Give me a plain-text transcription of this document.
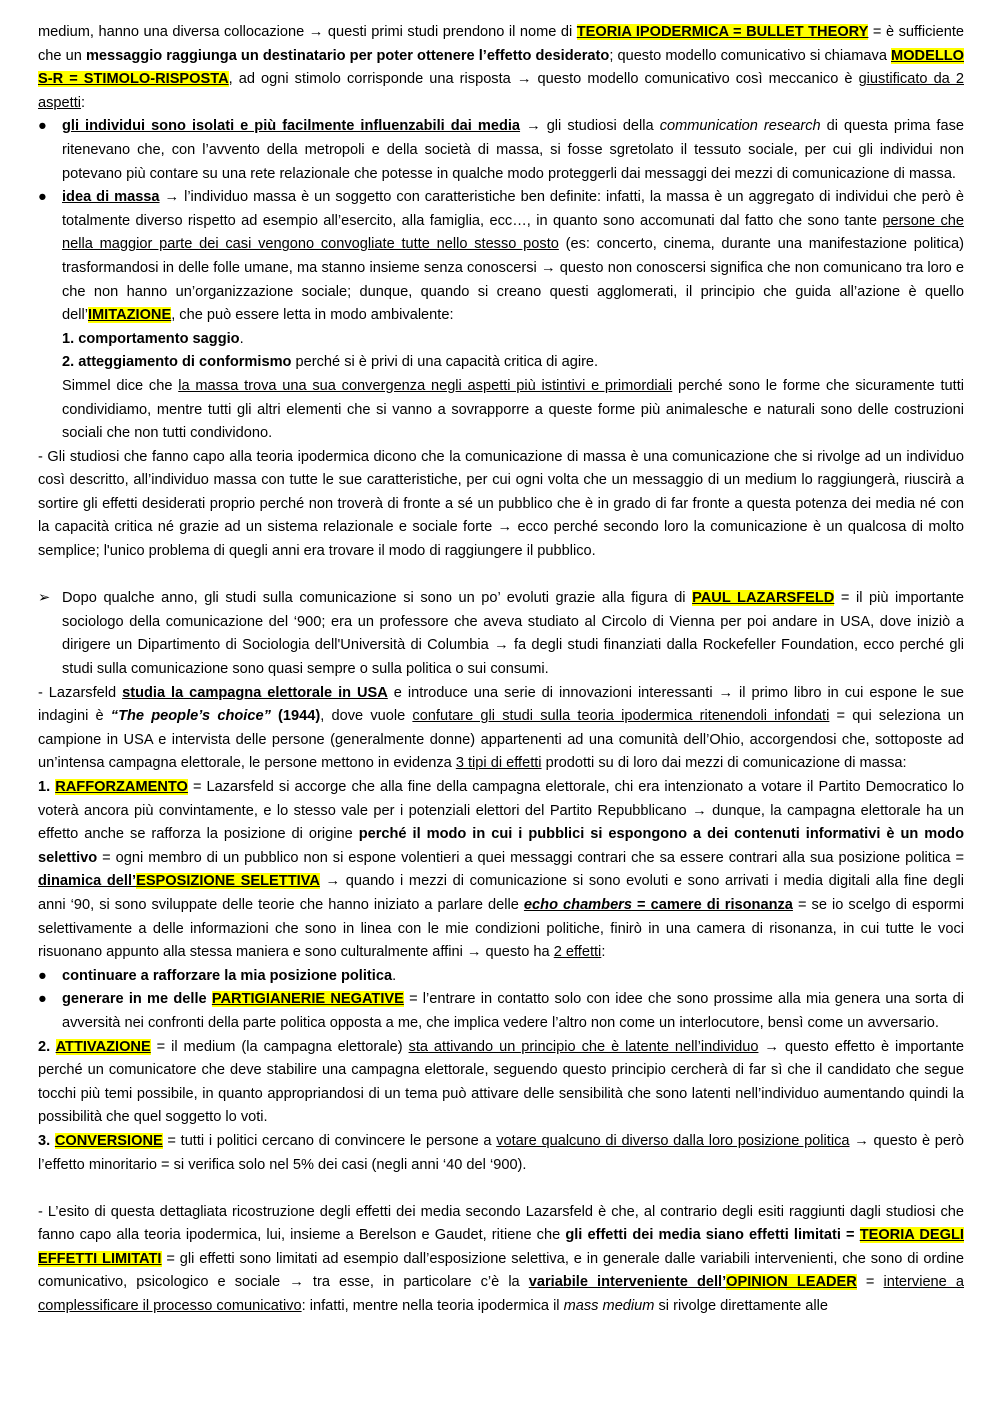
medium, hanno una diversa collocazione → questi primi studi prendono il nome di TEORIA IPODERMICA = BULLET THEORY = è sufficiente che un messaggio raggiunga un destinatario per poter ottenere l’effetto desiderato; questo modello comunicativo si chiamava MODELLO S-R = STIMOLO-RISPOSTA, ad ogni stimolo corrisponde una risposta → questo modello comunicativo così meccanico è giustificato da 2 aspetti:

● gli individui sono isolati e più facilmente influenzabili dai media → gli studiosi della communication research di questa prima fase ritenevano che, con l’avvento della metropoli e della società di massa, si fosse sgretolato il tessuto sociale, per cui gli individui non potevano più contare su una rete relazionale che potesse in qualche modo proteggerli dai messaggi dei mezzi di comunicazione di massa.
● idea di massa → l’individuo massa è un soggetto con caratteristiche ben definite: infatti, la massa è un aggregato di individui che però è totalmente diverso rispetto ad esempio all’esercito, alla famiglia, ecc…, in quanto sono accomunati dal fatto che sono tante persone che nella maggior parte dei casi vengono convogliate tutte nello stesso posto (es: concerto, cinema, durante una manifestazione politica) trasformandosi in delle folle umane, ma stanno insieme senza conoscersi → questo non conoscersi significa che non comunicano tra loro e che non hanno un’organizzazione sociale; dunque, quando si creano questi agglomerati, il principio che guida all’azione è quello dell’IMITAZIONE, che può essere letta in modo ambivalente:
1. comportamento saggio.
2. atteggiamento di conformismo perché si è privi di una capacità critica di agire.
Simmel dice che la massa trova una sua convergenza negli aspetti più istintivi e primordiali perché sono le forme che sicuramente tutti condividiamo, mentre tutti gli altri elementi che si vanno a sovrapporre a queste forme più animalesche e naturali sono delle costruzioni sociali che non tutti condividono.

- Gli studiosi che fanno capo alla teoria ipodermica dicono che la comunicazione di massa è una comunicazione che si rivolge ad un individuo così descritto, all’individuo massa con tutte le sue caratteristiche, per cui ogni volta che un messaggio di un medium lo raggiungerà, riuscirà a sortire gli effetti desiderati proprio perché non troverà di fronte a sé un pubblico che è in grado di far fronte a questa potenza dei media né con la capacità critica né grazie ad un sistema relazionale e sociale forte → ecco perché secondo loro la comunicazione è un qualcosa di molto semplice; l'unico problema di quegli anni era trovare il modo di raggiungere il pubblico.

➢ Dopo qualche anno, gli studi sulla comunicazione si sono un po’ evoluti grazie alla figura di PAUL LAZARSFELD = il più importante sociologo della comunicazione del ‘900; era un professore che aveva studiato al Circolo di Vienna per poi andare in USA, dove iniziò a dirigere un Dipartimento di Sociologia dell'Università di Columbia → fa degli studi finanziati dalla Rockefeller Foundation, ecco perché gli studi sulla comunicazione sono quasi sempre o sulla politica o sui consumi.

- Lazarsfeld studia la campagna elettorale in USA e introduce una serie di innovazioni interessanti → il primo libro in cui espone le sue indagini è “The people’s choice” (1944), dove vuole confutare gli studi sulla teoria ipodermica ritenendoli infondati = qui seleziona un campione in USA e intervista delle persone (generalmente donne) appartenenti ad una comunità dell’Ohio, accorgendosi che, sottoposte ad un’intensa campagna elettorale, le persone mettono in evidenza 3 tipi di effetti prodotti su di loro dai mezzi di comunicazione di massa:

1. RAFFORZAMENTO = Lazarsfeld si accorge che alla fine della campagna elettorale, chi era intenzionato a votare il Partito Democratico lo voterà ancora più convintamente, e lo stesso vale per i potenziali elettori del Partito Repubblicano → dunque, la campagna elettorale ha un effetto anche se rafforza la posizione di origine perché il modo in cui i pubblici si espongono a dei contenuti informativi è un modo selettivo = ogni membro di un pubblico non si espone volentieri a quei messaggi contrari che sa essere contrari alla sua posizione politica = dinamica dell’ESPOSIZIONE SELETTIVA → quando i mezzi di comunicazione si sono evoluti e sono arrivati i media digitali alla fine degli anni ‘90, si sono sviluppate delle teorie che hanno iniziato a parlare delle echo chambers = camere di risonanza = se io scelgo di espormi selettivamente a delle informazioni che sono in linea con le mie condizioni politiche, finirò in una camera di risonanza, in cui tutte le voci risuonano appunto alla stessa maniera e sono culturalmente affini → questo ha 2 effetti:

● continuare a rafforzare la mia posizione politica.
● generare in me delle PARTIGIANERIE NEGATIVE = l’entrare in contatto solo con idee che sono prossime alla mia genera una sorta di avversità nei confronti della parte politica opposta a me, che implica vedere l’altro non come un interlocutore, bensì come un avversario.

2. ATTIVAZIONE = il medium (la campagna elettorale) sta attivando un principio che è latente nell’individuo → questo effetto è importante perché un comunicatore che deve stabilire una campagna elettorale, seguendo questo principio cercherà di far sì che il candidato che segue tocchi più temi possibile, in quanto appropriandosi di un tema può attivare delle sensibilità che sono latenti nell’individuo aumentando quindi la possibilità che quel soggetto lo voti.

3. CONVERSIONE = tutti i politici cercano di convincere le persone a votare qualcuno di diverso dalla loro posizione politica → questo è però l’effetto minoritario = si verifica solo nel 5% dei casi (negli anni ‘40 del ‘900).

- L’esito di questa dettagliata ricostruzione degli effetti dei media secondo Lazarsfeld è che, al contrario degli esiti raggiunti dagli studiosi che fanno capo alla teoria ipodermica, lui, insieme a Berelson e Gaudet, ritiene che gli effetti dei media siano effetti limitati = TEORIA DEGLI EFFETTI LIMITATI = gli effetti sono limitati ad esempio dall’esposizione selettiva, e in generale dalle variabili intervenienti, che sono di ordine comunicativo, psicologico e sociale → tra esse, in particolare c’è la variabile interveniente dell’OPINION LEADER = interviene a complessificare il processo comunicativo: infatti, mentre nella teoria ipodermica il mass medium si rivolge direttamente alle
